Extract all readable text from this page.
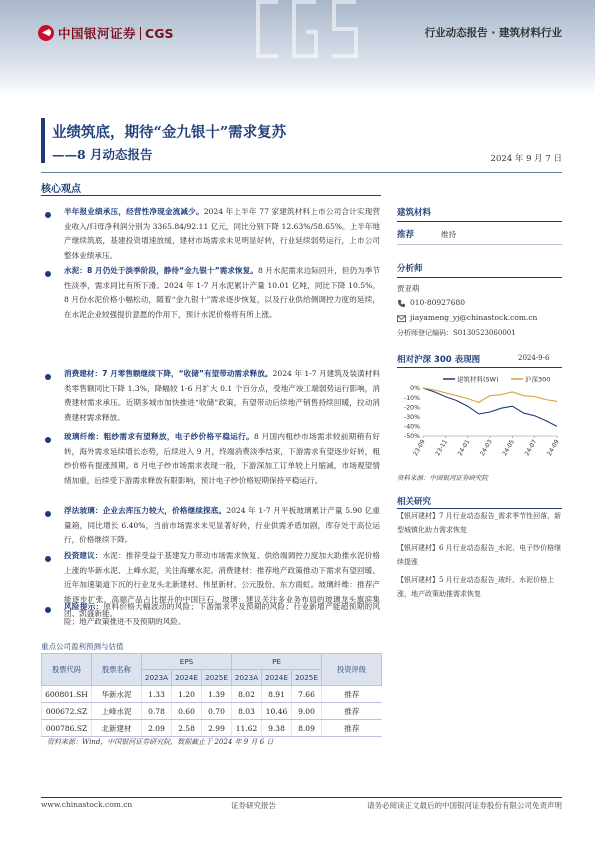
中国银河证券 CGS	行业动态报告 · 建筑材料行业
业绩筑底，期待“金九银十”需求复苏
——8 月动态报告	2024 年 9 月 7 日
核心观点
半年报业绩承压，经营性净现金流减少。2024 年上半年 77 家建筑材料上市公司合计实现营业收入/归母净利润分别为 3365.84/92.11 亿元，同比分别下降 12.63%/58.65%。上半年地产继续筑底，基建投资增速放缓，建材市场需求未见明显好转，行业延续弱势运行，上市公司整体业绩承压。
水泥：8 月仍处于淡季阶段，静待“金九银十”需求恢复。8 月水泥需求边际回升，但仍为季节性淡季，需求同比有所下滑。2024 年 1-7 月水泥累计产量 10.01 亿吨，同比下降 10.5%。8 月份水泥价格小幅松动，随着“金九银十”需求逐步恢复，以及行业供给侧调控力度的延续，在水泥企业较强提价意愿的作用下，预计水泥价格将有所上涨。
消费建材：7 月零售额继续下降，“收储”有望带动需求释放。2024 年 1-7 月建筑及装潢材料类零售额同比下降 1.3%，降幅较 1-6 月扩大 0.1 个百分点，受地产竣工端弱势运行影响，消费建材需求承压。近期多城市加快推进“收储”政策，有望带动后续地产销售持续回暖，拉动消费建材需求释放。
玻璃纤维：粗纱需求有望释放，电子纱价格平稳运行。8 月国内粗纱市场需求较前期稍有好转，海外需求延续增长态势，后续进入 9 月，终端消费淡季结束，下游需求有望逐步好转，粗纱价格有提涨预期。8 月电子纱市场需求表现一般，下游深加工订单较上月缩减，市场观望情绪加重，后续受下游需求释放有限影响，预计电子纱价格短期保持平稳运行。
浮法玻璃：企业去库压力较大，价格继续探底。2024 年 1-7 月平板玻璃累计产量 5.90 亿重量箱，同比增长 6.40%，当前市场需求未见显著好转，行业供需矛盾加剧，库存处于高位运行，价格继续下降。
投资建议：水泥：推荐受益于基建发力带动市场需求恢复、供给端调控力度加大助推水泥价格上涨的华新水泥、上峰水泥，关注海螺水泥。消费建材：推荐地产政策推动下需求有望回暖、近年加速渠道下沉的行业龙头北新建材、伟星新材、公元股份、东方雨虹。玻璃纤维：推荐产能逐步扩张、高端产品占比提升的中国巨石。玻璃：建议关注多业务布局的玻璃龙头旗滨集团、凯盛新能。
风险提示：原料价格大幅波动的风险；下游需求不及预期的风险；行业新增产能超预期的风险；地产政策推进不及预期的风险。
重点公司盈利预测与估值
股票代码	股票名称	EPS			PE			投资评级
		2023A	2024E	2025E	2023A	2024E	2025E	
600801.SH	华新水泥	1.33	1.20	1.39	8.02	8.91	7.66	推荐
000672.SZ	上峰水泥	0.78	0.60	0.70	8.03	10.46	9.00	推荐
000786.SZ	北新建材	2.09	2.58	2.99	11.62	9.38	8.09	推荐
资料来源：Wind，中国银河证券研究院，数据截止于 2024 年 9 月 6 日
建筑材料
推荐	维持
分析师
贾亚萌
010-80927680
jiayameng_yj@chinastock.com.cn
分析师登记编码：S0130523060001
相对沪深 300 表现图	2024-9-6
建筑材料(SW)	沪深300
0%
-10%
-20%
-30%
-40%
-50%
23-09 23-11 24-01 24-03 24-05 24-07 24-09
资料来源：中国银河证券研究院
相关研究

【银河建材】7 月行业动态报告_需求季节性回落，新型城镇化助力需求恢复

【银河建材】6 月行业动态报告_水泥、电子纱价格继续提涨

【银河建材】5 月行业动态报告_玻纤、水泥价格上涨，地产政策助推需求恢复

www.chinastock.com.cn	证券研究报告	请务必阅读正文最后的中国银河证券股份有限公司免责声明
